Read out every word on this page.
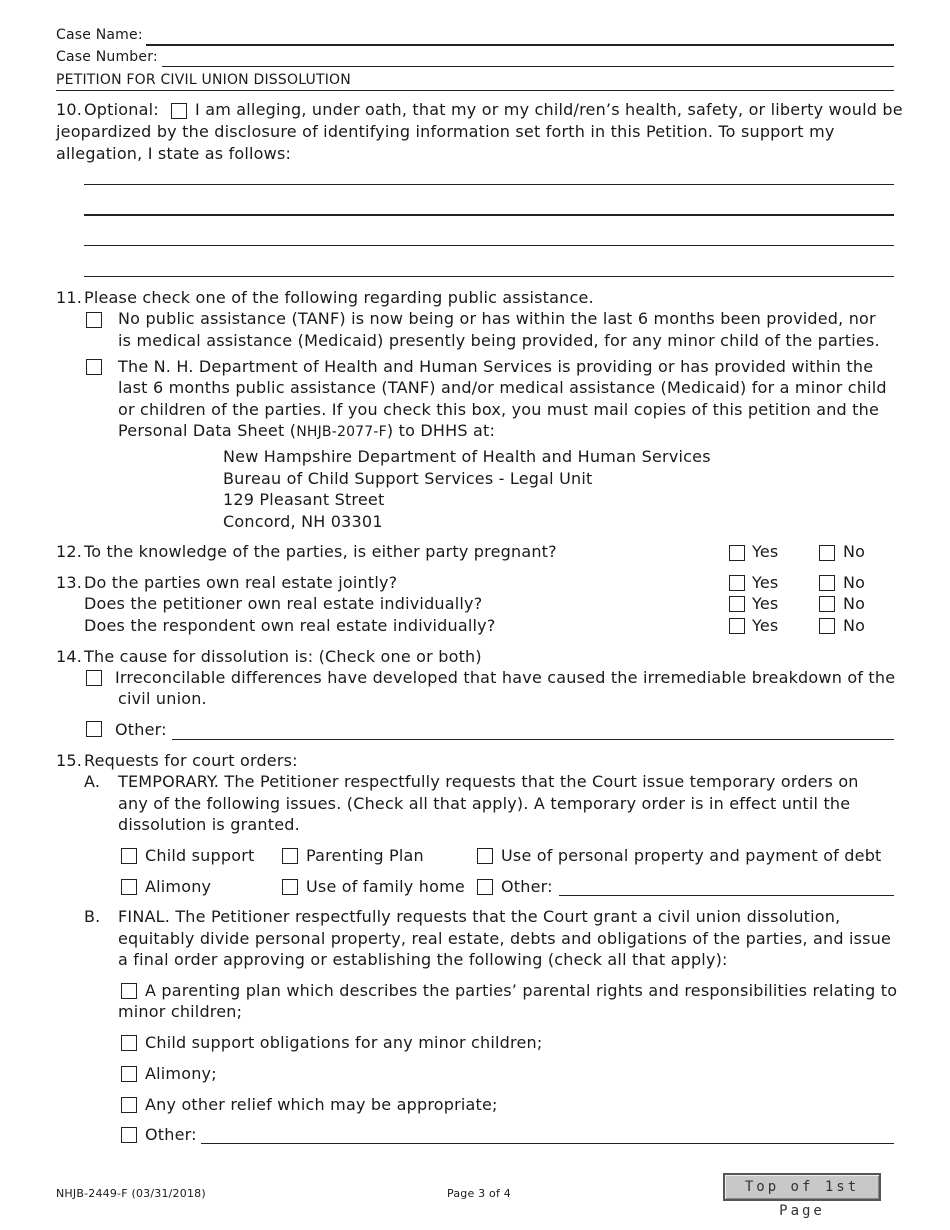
Case Name:
Case Number:
PETITION FOR CIVIL UNION DISSOLUTION
10. Optional: I am alleging, under oath, that my or my child/ren’s health, safety, or liberty would be
jeopardized by the disclosure of identifying information set forth in this Petition. To support my
allegation, I state as follows:
11. Please check one of the following regarding public assistance.
No public assistance (TANF) is now being or has within the last 6 months been provided, nor
is medical assistance (Medicaid) presently being provided, for any minor child of the parties.
The N. H. Department of Health and Human Services is providing or has provided within the
last 6 months public assistance (TANF) and/or medical assistance (Medicaid) for a minor child
or children of the parties. If you check this box, you must mail copies of this petition and the
Personal Data Sheet (NHJB-2077-F) to DHHS at:
New Hampshire Department of Health and Human Services
Bureau of Child Support Services - Legal Unit
129 Pleasant Street
Concord, NH 03301
12. To the knowledge of the parties, is either party pregnant?	Yes	No
13. Do the parties own real estate jointly?	Yes	No
Does the petitioner own real estate individually?	Yes	No
Does the respondent own real estate individually?	Yes	No
14. The cause for dissolution is: (Check one or both)
Irreconcilable differences have developed that have caused the irremediable breakdown of the
civil union.
Other:
15. Requests for court orders:
A. TEMPORARY. The Petitioner respectfully requests that the Court issue temporary orders on
any of the following issues. (Check all that apply). A temporary order is in effect until the
dissolution is granted.
Child support	Parenting Plan	Use of personal property and payment of debt
Alimony	Use of family home Other:
B. FINAL. The Petitioner respectfully requests that the Court grant a civil union dissolution,
equitably divide personal property, real estate, debts and obligations of the parties, and issue
a final order approving or establishing the following (check all that apply):
A parenting plan which describes the parties’ parental rights and responsibilities relating to
minor children;
Child support obligations for any minor children;
Alimony;
Any other relief which may be appropriate;
Other:
NHJB-2449-F (03/31/2018)	Page 3 of 4	Top of 1st Page
